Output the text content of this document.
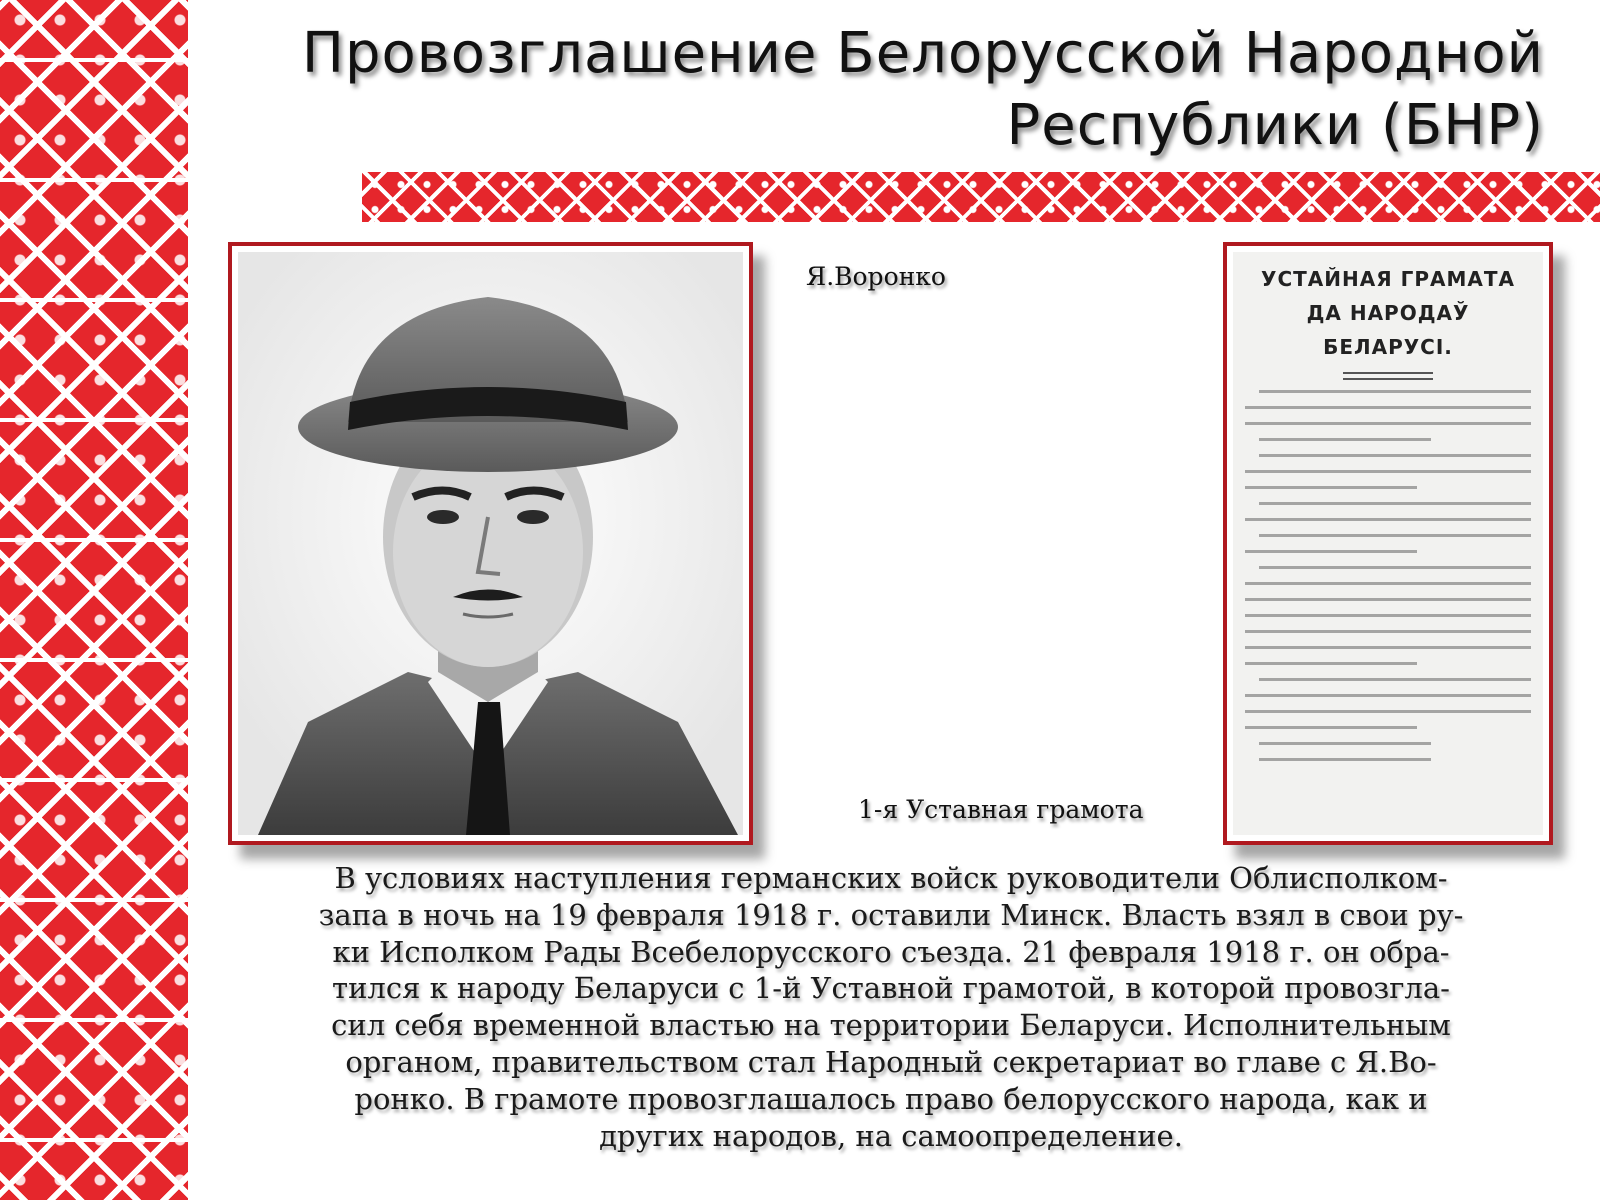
Провозглашение Белорусской Народной
Республики (БНР)
Я.Воронко	УСТАЙНАЯ ГРАМАТА
ДА НАРОДАЎ БЕЛАРУСІ.
1-я Уставная грамота
В условиях наступления германских войск руководители Облисполком-
запа в ночь на 19 февраля 1918 г. оставили Минск. Власть взял в свои ру-
ки Исполком Рады Всебелорусского съезда. 21 февраля 1918 г. он обра-
тился к народу Беларуси с 1-й Уставной грамотой, в которой провозгла-
сил себя временной властью на территории Беларуси. Исполнительным
органом, правительством стал Народный секретариат во главе с Я.Во-
ронко. В грамоте провозглашалось право белорусского народа, как и
других народов, на самоопределение.
